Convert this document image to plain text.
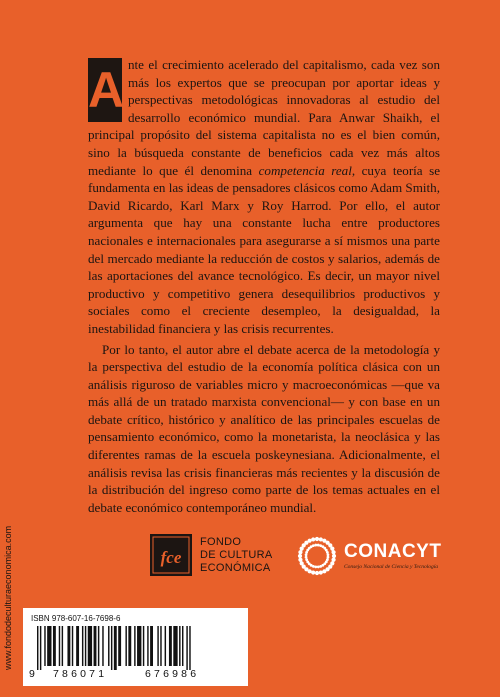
A nte el crecimiento acelerado del capitalismo, cada vez son más los expertos que se preocupan por aportar ideas y perspectivas metodológicas innovadoras al estudio del desarrollo económico mundial. Para Anwar Shaikh, el principal propósito del sistema capitalista no es el bien común, sino la búsqueda constante de beneficios cada vez más altos mediante lo que él denomina competencia real, cuya teoría se fundamenta en las ideas de pensadores clásicos como Adam Smith, David Ricardo, Karl Marx y Roy Harrod. Por ello, el autor argumenta que hay una constante lucha entre productores nacionales e internacionales para asegurarse a sí mismos una parte del mercado mediante la reducción de costos y salarios, además de las aportaciones del avance tecnológico. Es decir, un mayor nivel productivo y competitivo genera desequilibrios productivos y sociales como el creciente desempleo, la desigualdad, la inestabilidad financiera y las crisis recurrentes.

Por lo tanto, el autor abre el debate acerca de la metodología y la perspectiva del estudio de la economía política clásica con un análisis riguroso de variables micro y macroeconómicas —que va más allá de un tratado marxista convencional— y con base en un debate crítico, histórico y analítico de las principales escuelas de pensamiento económico, como la monetarista, la neoclásica y las diferentes ramas de la escuela poskeynesiana. Adicionalmente, el análisis revisa las crisis financieras más recientes y la discusión de la distribución del ingreso como parte de los temas actuales en el debate económico contemporáneo mundial.

www.fondodeculturaeconomica.com	fce
FONDO
DE CULTURA
ECONÓMICA
CONACYT
Consejo Nacional de Ciencia y Tecnología
ISBN 978-607-16-7698-6
9 786071	676986
